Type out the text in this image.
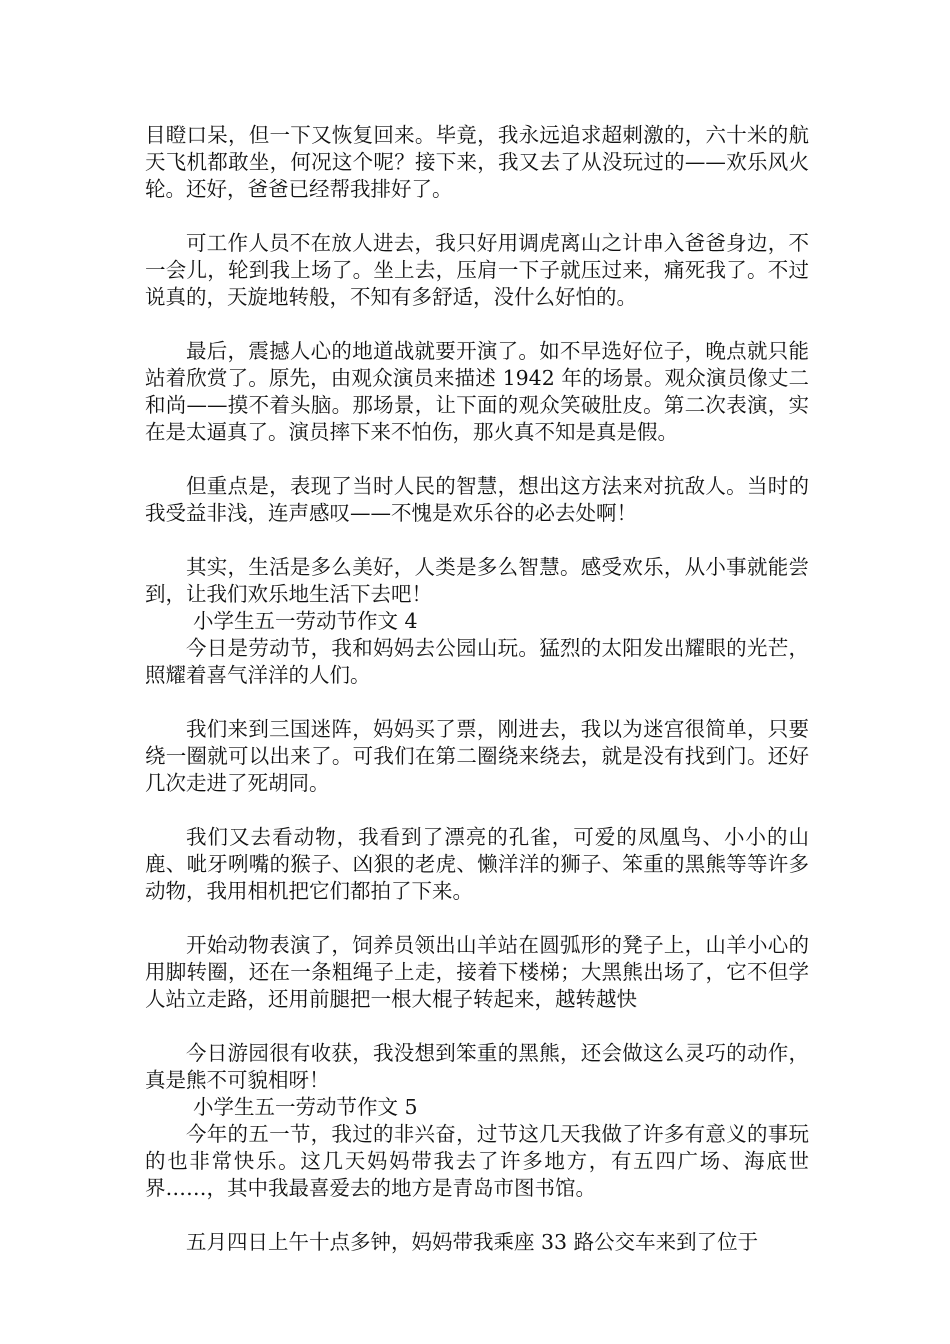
目瞪口呆，但一下又恢复回来。毕竟，我永远追求超刺激的，六十米的航天飞机都敢坐，何况这个呢？接下来，我又去了从没玩过的——欢乐风火轮。还好，爸爸已经帮我排好了。

可工作人员不在放人进去，我只好用调虎离山之计串入爸爸身边，不一会儿，轮到我上场了。坐上去，压肩一下子就压过来，痛死我了。不过说真的，天旋地转般，不知有多舒适，没什么好怕的。

最后，震撼人心的地道战就要开演了。如不早选好位子，晚点就只能站着欣赏了。原先，由观众演员来描述 1942 年的场景。观众演员像丈二和尚——摸不着头脑。那场景，让下面的观众笑破肚皮。第二次表演，实在是太逼真了。演员摔下来不怕伤，那火真不知是真是假。

但重点是，表现了当时人民的智慧，想出这方法来对抗敌人。当时的我受益非浅，连声感叹——不愧是欢乐谷的必去处啊！

其实，生活是多么美好，人类是多么智慧。感受欢乐，从小事就能尝到，让我们欢乐地生活下去吧！

小学生五一劳动节作文 4

今日是劳动节，我和妈妈去公园山玩。猛烈的太阳发出耀眼的光芒，照耀着喜气洋洋的人们。

我们来到三国迷阵，妈妈买了票，刚进去，我以为迷宫很简单，只要绕一圈就可以出来了。可我们在第二圈绕来绕去，就是没有找到门。还好几次走进了死胡同。

我们又去看动物，我看到了漂亮的孔雀，可爱的凤凰鸟、小小的山鹿、呲牙咧嘴的猴子、凶狠的老虎、懒洋洋的狮子、笨重的黑熊等等许多动物，我用相机把它们都拍了下来。

开始动物表演了，饲养员领出山羊站在圆弧形的凳子上，山羊小心的用脚转圈，还在一条粗绳子上走，接着下楼梯；大黑熊出场了，它不但学人站立走路，还用前腿把一根大棍子转起来，越转越快

今日游园很有收获，我没想到笨重的黑熊，还会做这么灵巧的动作，真是熊不可貌相呀！

小学生五一劳动节作文 5

今年的五一节，我过的非兴奋，过节这几天我做了许多有意义的事玩的也非常快乐。这几天妈妈带我去了许多地方，有五四广场、海底世界……，其中我最喜爱去的地方是青岛市图书馆。

五月四日上午十点多钟，妈妈带我乘座 33 路公交车来到了位于
